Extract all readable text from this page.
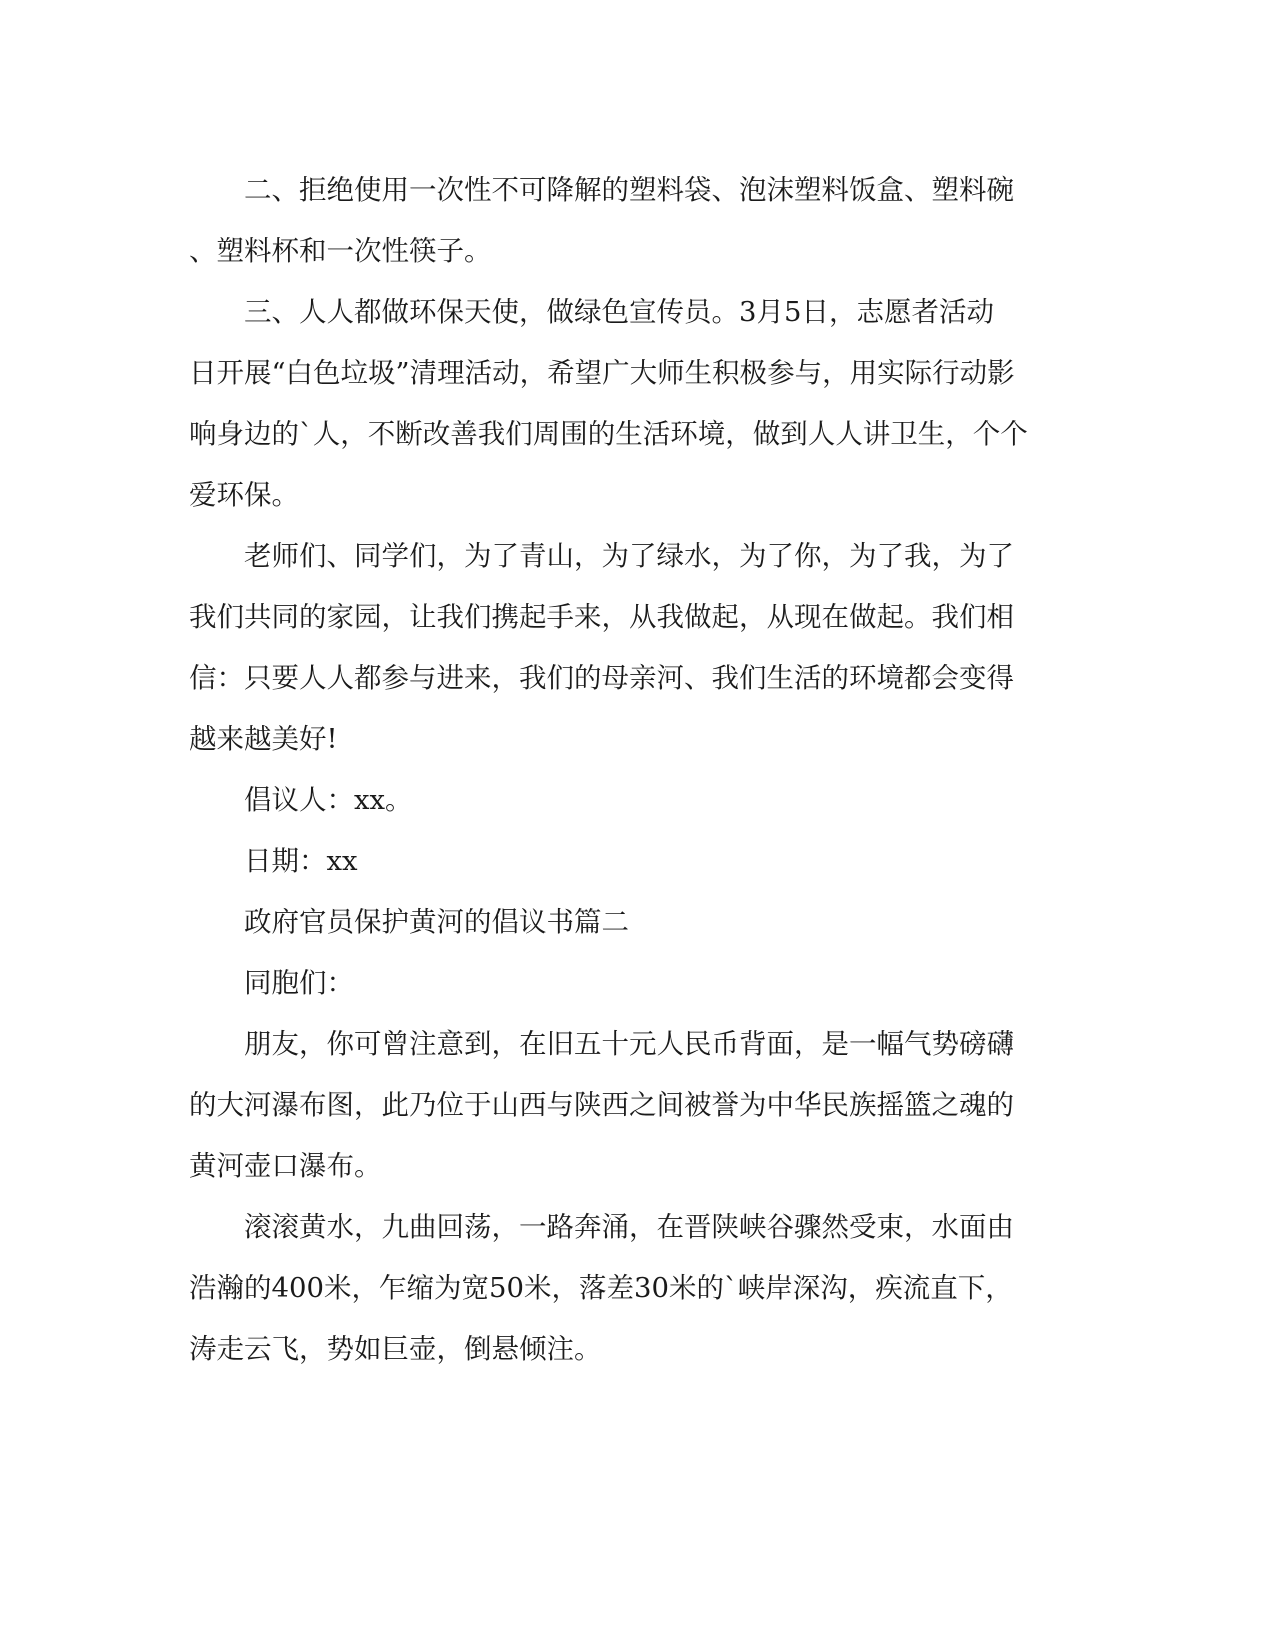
二、拒绝使用一次性不可降解的塑料袋、泡沫塑料饭盒、塑料碗

、塑料杯和一次性筷子。

三、人人都做环保天使，做绿色宣传员。3月5日，志愿者活动

日开展“白色垃圾”清理活动，希望广大师生积极参与，用实际行动影

响身边的`人，不断改善我们周围的生活环境，做到人人讲卫生，个个

爱环保。

老师们、同学们，为了青山，为了绿水，为了你，为了我，为了

我们共同的家园，让我们携起手来，从我做起，从现在做起。我们相

信：只要人人都参与进来，我们的母亲河、我们生活的环境都会变得

越来越美好!

倡议人：xx。

日期：xx

政府官员保护黄河的倡议书篇二

同胞们：

朋友，你可曾注意到，在旧五十元人民币背面，是一幅气势磅礴

的大河瀑布图，此乃位于山西与陕西之间被誉为中华民族摇篮之魂的

黄河壶口瀑布。

滚滚黄水，九曲回荡，一路奔涌，在晋陕峡谷骤然受束，水面由

浩瀚的400米，乍缩为宽50米，落差30米的`峡岸深沟，疾流直下，

涛走云飞，势如巨壶，倒悬倾注。
